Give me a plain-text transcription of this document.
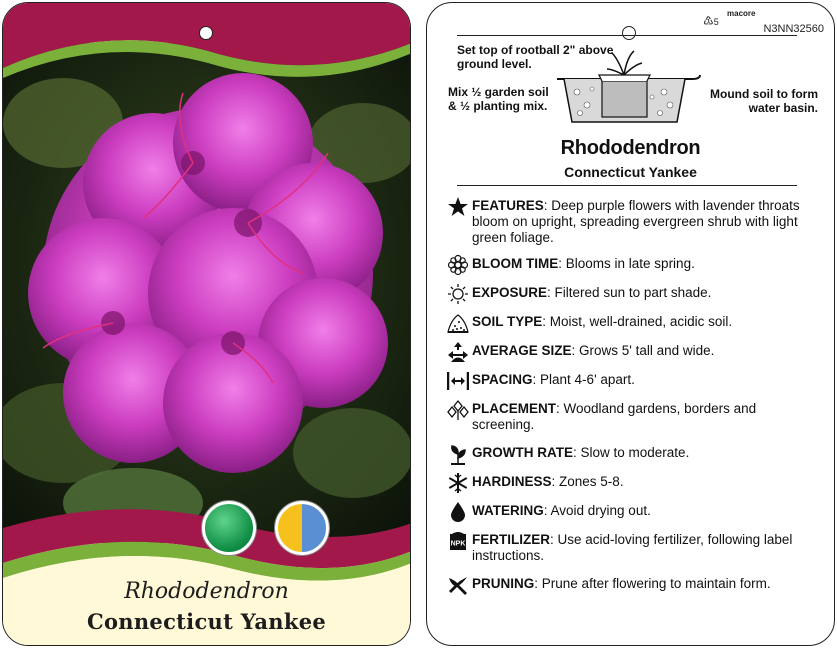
Rhododendron
Connecticut Yankee
♳5
macore
N3NN32560
Set top of rootball 2" above ground level.
Mix ½ garden soil & ½ planting mix.
Mound soil to form water basin.
Rhododendron
Connecticut Yankee
FEATURES: Deep purple flowers with lavender throats bloom on upright, spreading evergreen shrub with light green foliage.
BLOOM TIME: Blooms in late spring.
EXPOSURE: Filtered sun to part shade.
SOIL TYPE: Moist, well-drained, acidic soil.
AVERAGE SIZE: Grows 5' tall and wide.
SPACING: Plant 4-6' apart.
PLACEMENT: Woodland gardens, borders and screening.
GROWTH RATE: Slow to moderate.
HARDINESS: Zones 5-8.
WATERING: Avoid drying out.
NPK FERTILIZER: Use acid-loving fertilizer, following label instructions.
PRUNING: Prune after flowering to maintain form.
